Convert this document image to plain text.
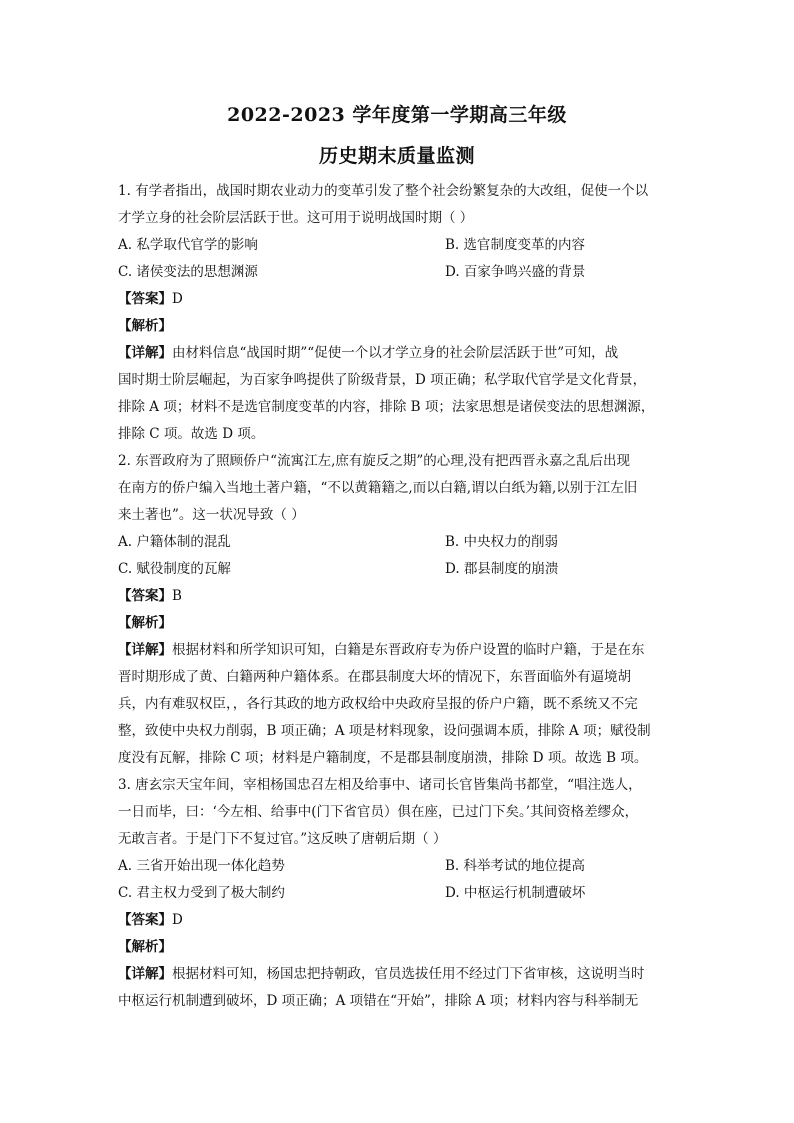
2022-2023 学年度第一学期高三年级
历史期末质量监测

1. 有学者指出，战国时期农业动力的变革引发了整个社会纷繁复杂的大改组，促使一个以

才学立身的社会阶层活跃于世。这可用于说明战国时期（ ）

A. 私学取代官学的影响	B. 选官制度变革的内容
C. 诸侯变法的思想渊源	D. 百家争鸣兴盛的背景

【答案】D

【解析】

【详解】由材料信息“战国时期”“促使一个以才学立身的社会阶层活跃于世”可知，战

国时期士阶层崛起，为百家争鸣提供了阶级背景，D 项正确；私学取代官学是文化背景，

排除 A 项；材料不是选官制度变革的内容，排除 B 项；法家思想是诸侯变法的思想渊源，

排除 C 项。故选 D 项。

2. 东晋政府为了照顾侨户“流寓江左,庶有旋反之期”的心理,没有把西晋永嘉之乱后出现

在南方的侨户编入当地土著户籍，“不以黄籍籍之,而以白籍,谓以白纸为籍,以别于江左旧

来土著也”。这一状况导致（ ）

A. 户籍体制的混乱	B. 中央权力的削弱
C. 赋役制度的瓦解	D. 郡县制度的崩溃

【答案】B

【解析】

【详解】根据材料和所学知识可知，白籍是东晋政府专为侨户设置的临时户籍，于是在东

晋时期形成了黄、白籍两种户籍体系。在郡县制度大坏的情况下，东晋面临外有逼境胡

兵，内有难驭权臣，，各行其政的地方政权给中央政府呈报的侨户户籍，既不系统又不完

整，致使中央权力削弱，B 项正确；A 项是材料现象，设问强调本质，排除 A 项；赋役制

度没有瓦解，排除 C 项；材料是户籍制度，不是郡县制度崩溃，排除 D 项。故选 B 项。

3. 唐玄宗天宝年间，宰相杨国忠召左相及给事中、诸司长官皆集尚书都堂，“唱注选人，

一日而毕，曰：‘今左相、给事中(门下省官员）俱在座，已过门下矣。’其间资格差缪众，

无敢言者。于是门下不复过官。”这反映了唐朝后期（ ）

A. 三省开始出现一体化趋势	B. 科举考试的地位提高
C. 君主权力受到了极大制约	D. 中枢运行机制遭破坏

【答案】D

【解析】

【详解】根据材料可知，杨国忠把持朝政，官员选拔任用不经过门下省审核，这说明当时

中枢运行机制遭到破坏，D 项正确；A 项错在“开始”，排除 A 项；材料内容与科举制无
